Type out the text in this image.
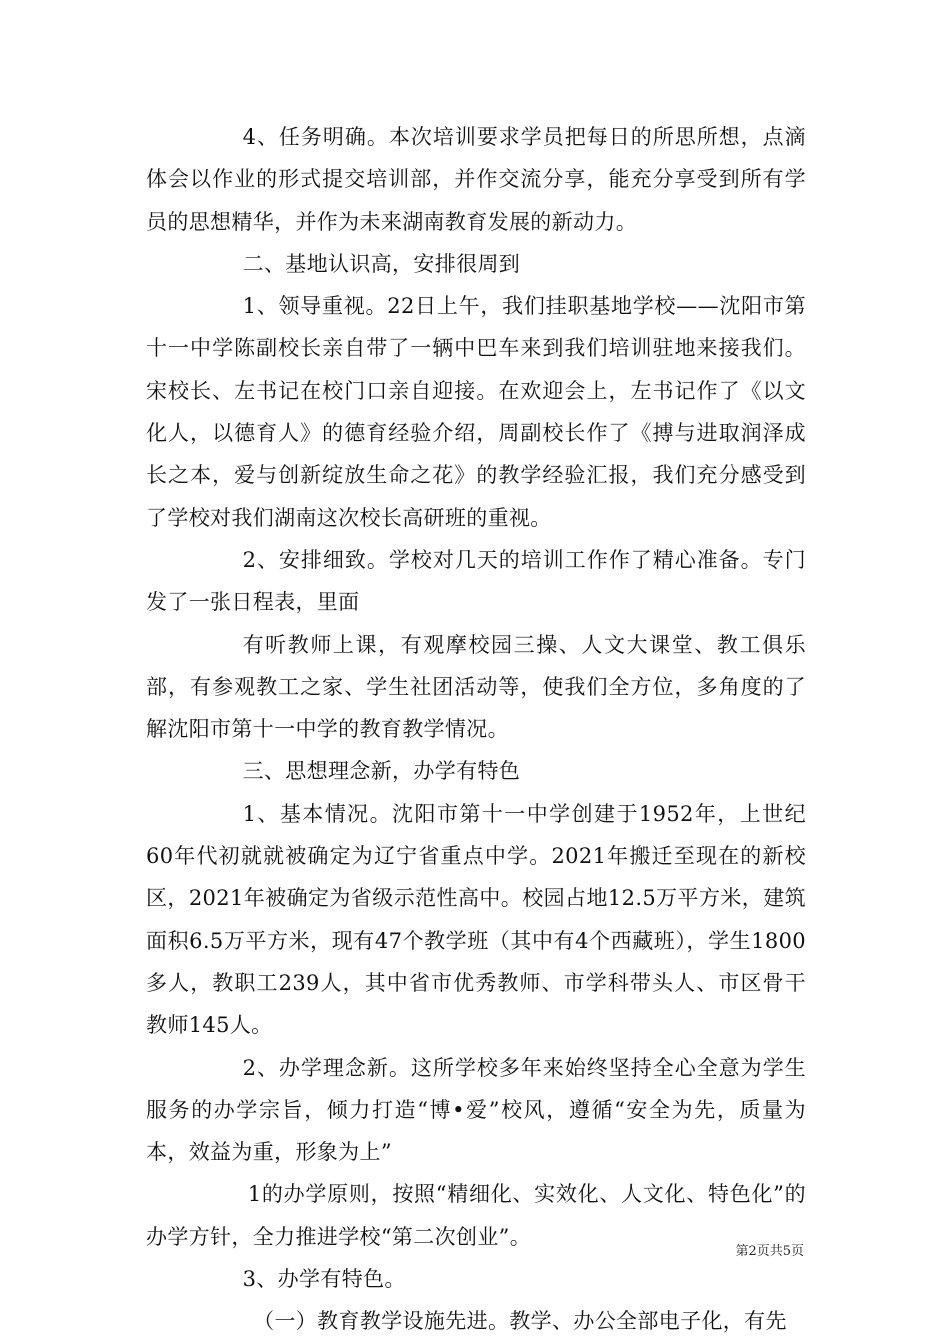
4、任务明确。本次培训要求学员把每日的所思所想，点滴体会以作业的形式提交培训部，并作交流分享，能充分享受到所有学员的思想精华，并作为未来湖南教育发展的新动力。

二、基地认识高，安排很周到

1、领导重视。22日上午，我们挂职基地学校——沈阳市第十一中学陈副校长亲自带了一辆中巴车来到我们培训驻地来接我们。宋校长、左书记在校门口亲自迎接。在欢迎会上，左书记作了《以文化人，以德育人》的德育经验介绍，周副校长作了《搏与进取润泽成长之本，爱与创新绽放生命之花》的教学经验汇报，我们充分感受到了学校对我们湖南这次校长高研班的重视。

2、安排细致。学校对几天的培训工作作了精心准备。专门发了一张日程表，里面

有听教师上课，有观摩校园三操、人文大课堂、教工俱乐部，有参观教工之家、学生社团活动等，使我们全方位，多角度的了解沈阳市第十一中学的教育教学情况。

三、思想理念新，办学有特色

1、基本情况。沈阳市第十一中学创建于1952年，上世纪60年代初就就被确定为辽宁省重点中学。2021年搬迁至现在的新校区，2021年被确定为省级示范性高中。校园占地12.5万平方米，建筑面积6.5万平方米，现有47个教学班（其中有4个西藏班），学生1800多人，教职工239人，其中省市优秀教师、市学科带头人、市区骨干教师145人。

2、办学理念新。这所学校多年来始终坚持全心全意为学生服务的办学宗旨，倾力打造“博•爱”校风，遵循“安全为先，质量为本，效益为重，形象为上”

1的办学原则，按照“精细化、实效化、人文化、特色化”的办学方针，全力推进学校“第二次创业”。

3、办学有特色。

（一）教育教学设施先进。教学、办公全部电子化，有先

第2页共5页
